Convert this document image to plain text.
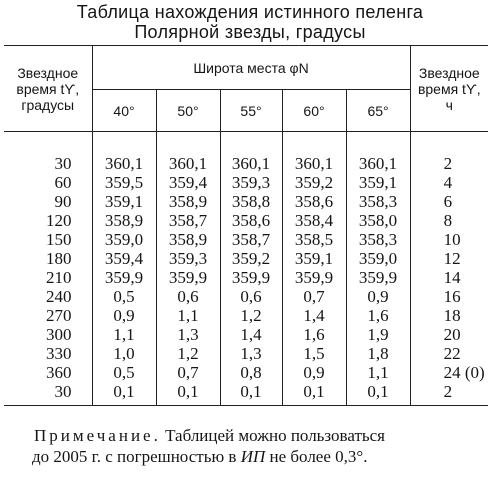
Таблица нахождения истинного пеленга
Полярной звезды, градусы
Звездное
время tϒ,
градусы	Широта места φN					Звездное
время tϒ,
ч
	40°	50°	55°	60°	65°	
30	360,1	360,1	360,1	360,1	360,1	2
60	359,5	359,4	359,3	359,2	359,1	4
90	359,1	358,9	358,8	358,6	358,3	6
120	358,9	358,7	358,6	358,4	358,0	8
150	359,0	358,9	358,7	358,5	358,3	10
180	359,4	359,3	359,2	359,1	359,0	12
210	359,9	359,9	359,9	359,9	359,9	14
240	0,5	0,6	0,6	0,7	0,9	16
270	0,9	1,1	1,2	1,4	1,6	18
300	1,1	1,3	1,4	1,6	1,9	20
330	1,0	1,2	1,3	1,5	1,8	22
360	0,5	0,7	0,8	0,9	1,1	24 (0)
30	0,1	0,1	0,1	0,1	0,1	2
Примечание. Таблицей можно пользоваться
до 2005 г. с погрешностью в ИП не более 0,3°.
